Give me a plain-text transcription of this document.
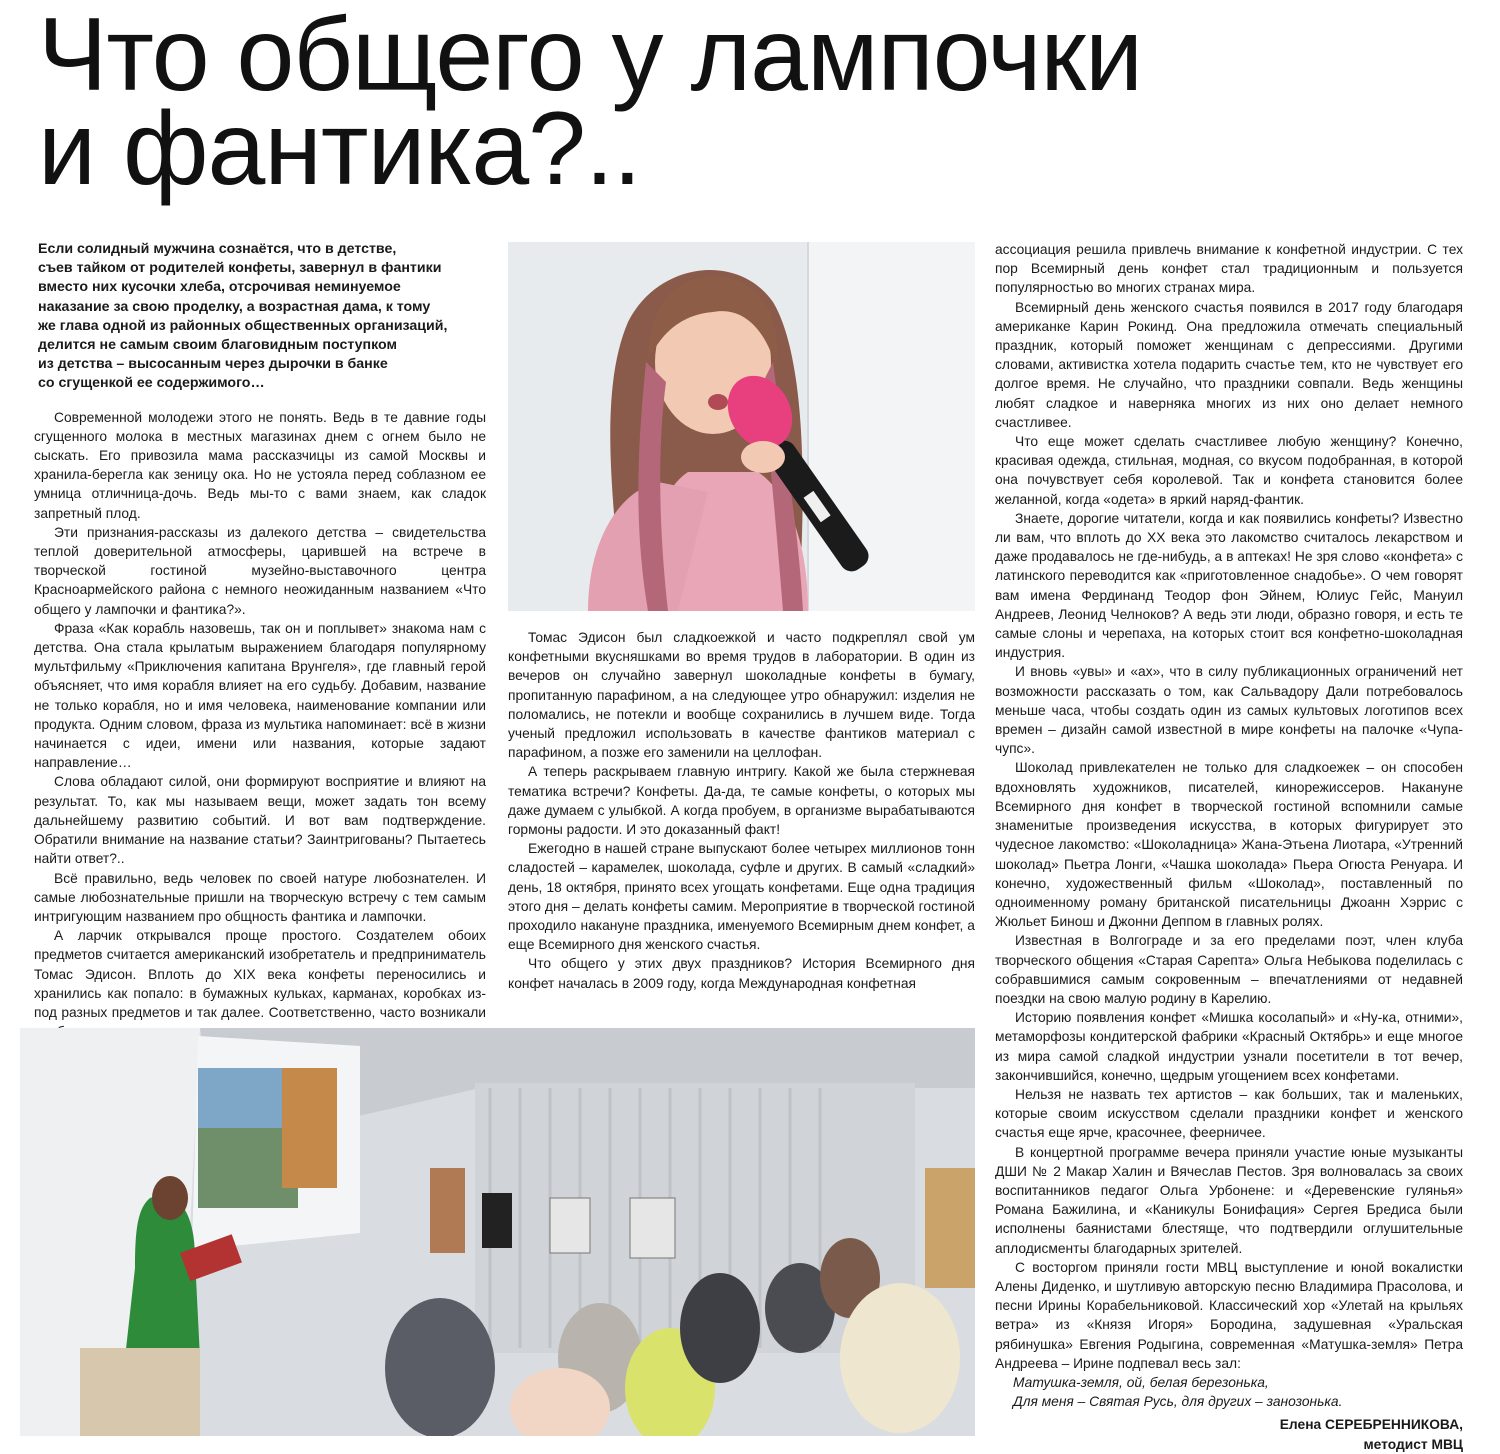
Что общего у лампочки
и фантика?..
Если солидный мужчина сознаётся, что в детстве,
съев тайком от родителей конфеты, завернул в фантики
вместо них кусочки хлеба, отсрочивая неминуемое
наказание за свою проделку, а возрастная дама, к тому
же глава одной из районных общественных организаций,
делится не самым своим благовидным поступком
из детства – высосанным через дырочки в банке
со сгущенкой ее содержимого…

Современной молодежи этого не понять. Ведь в те давние годы сгущенного молока в местных магазинах днем с огнем было не сыскать. Его привозила мама рассказчицы из самой Москвы и хранила-берегла как зеницу ока. Но не устояла перед соблазном ее умница отличница-дочь. Ведь мы-то с вами знаем, как сладок запретный плод.

Эти признания-рассказы из далекого детства – свидетельства теплой доверительной атмосферы, царившей на встрече в творческой гостиной музейно-выставочного центра Красноармейского района с немного неожиданным названием «Что общего у лампочки и фантика?».

Фраза «Как корабль назовешь, так он и поплывет» знакома нам с детства. Она стала крылатым выражением благодаря популярному мультфильму «Приключения капитана Врунгеля», где главный герой объясняет, что имя корабля влияет на его судьбу. Добавим, название не только корабля, но и имя человека, наименование компании или продукта. Одним словом, фраза из мультика напоминает: всё в жизни начинается с идеи, имени или названия, которые задают направление…

Слова обладают силой, они формируют восприятие и влияют на результат. То, как мы называем вещи, может задать тон всему дальнейшему развитию событий. И вот вам подтверждение. Обратили внимание на название статьи? Заинтригованы? Пытаетесь найти ответ?..

Всё правильно, ведь человек по своей натуре любознателен. И самые любознательные пришли на творческую встречу с тем самым интригующим названием про общность фантика и лампочки.

А ларчик открывался проще простого. Создателем обоих предметов считается американский изобретатель и предприниматель Томас Эдисон. Вплоть до XIX века конфеты переносились и хранились как попало: в бумажных кульках, карманах, коробках из-под разных предметов и так далее. Соответственно, часто возникали

Томас Эдисон был сладкоежкой и часто подкреплял свой ум конфетными вкусняшками во время трудов в лаборатории. В один из вечеров он случайно завернул шоколадные конфеты в бумагу, пропитанную парафином, а на следующее утро обнаружил: изделия не поломались, не потекли и вообще сохранились в лучшем виде. Тогда ученый предложил использовать в качестве фантиков материал с парафином, а позже его заменили на целлофан.

А теперь раскрываем главную интригу. Какой же была стержневая тематика встречи? Конфеты. Да-да, те самые конфеты, о которых мы даже думаем с улыбкой. А когда пробуем, в организме вырабатываются гормоны радости. И это доказанный факт!

Ежегодно в нашей стране выпускают более четырех миллионов тонн сладостей – карамелек, шоколада, суфле и других. В самый «сладкий» день, 18 октября, принято всех угощать конфетами. Еще одна традиция этого дня – делать конфеты самим. Мероприятие в творческой гостиной проходило накануне праздника, именуемого Всемирным днем конфет, а еще Всемирного дня женского счастья.

Что общего у этих двух праздников? История Всемирного дня конфет началась в 2009 году, когда Международная конфетная

ассоциация решила привлечь внимание к конфетной индустрии. С тех пор Всемирный день конфет стал традиционным и пользуется популярностью во многих странах мира.

Всемирный день женского счастья появился в 2017 году благодаря американке Карин Рокинд. Она предложила отмечать специальный праздник, который поможет женщинам с депрессиями. Другими словами, активистка хотела подарить счастье тем, кто не чувствует его долгое время. Не случайно, что праздники совпали. Ведь женщины любят сладкое и наверняка многих из них оно делает немного счастливее.

Что еще может сделать счастливее любую женщину? Конечно, красивая одежда, стильная, модная, со вкусом подобранная, в которой она почувствует себя королевой. Так и конфета становится более желанной, когда «одета» в яркий наряд-фантик.

Знаете, дорогие читатели, когда и как появились конфеты? Известно ли вам, что вплоть до XX века это лакомство считалось лекарством и даже продавалось не где-нибудь, а в аптеках! Не зря слово «конфета» с латинского переводится как «приготовленное снадобье». О чем говорят вам имена Фердинанд Теодор фон Эйнем, Юлиус Гейс, Мануил Андреев, Леонид Челноков? А ведь эти люди, образно говоря, и есть те самые слоны и черепаха, на которых стоит вся конфетно-шоколадная индустрия.

И вновь «увы» и «ах», что в силу публикационных ограничений нет возможности рассказать о том, как Сальвадору Дали потребовалось меньше часа, чтобы создать один из самых культовых логотипов всех времен – дизайн самой известной в мире конфеты на палочке «Чупа-чупс».

Шоколад привлекателен не только для сладкоежек – он способен вдохновлять художников, писателей, кинорежиссеров. Накануне Всемирного дня конфет в творческой гостиной вспомнили самые знаменитые произведения искусства, в которых фигурирует это чудесное лакомство: «Шоколадница» Жана-Этьена Лиотара, «Утренний шоколад» Пьетра Лонги, «Чашка шоколада» Пьера Огюста Ренуара. И конечно, художественный фильм «Шоколад», поставленный по одноименному роману британской писательницы Джоанн Хэррис с Жюльет Бинош и Джонни Деппом в главных ролях.

Известная в Волгограде и за его пределами поэт, член клуба творческого общения «Старая Сарепта» Ольга Небыкова поделилась с собравшимися самым сокровенным – впечатлениями от недавней поездки на свою малую родину в Карелию.

Историю появления конфет «Мишка косолапый» и «Ну-ка, отними», метаморфозы кондитерской фабрики «Красный Октябрь» и еще многое из мира самой сладкой индустрии узнали посетители в тот вечер, закончившийся, конечно, щедрым угощением всех конфетами.

Нельзя не назвать тех артистов – как больших, так и маленьких, которые своим искусством сделали праздники конфет и женского счастья еще ярче, красочнее, феерничее.

В концертной программе вечера приняли участие юные музыканты ДШИ № 2 Макар Халин и Вячеслав Пестов. Зря волновалась за своих воспитанников педагог Ольга Урбонене: и «Деревенские гулянья» Романа Бажилина, и «Каникулы Бонифация» Сергея Бредиса были исполнены баянистами блестяще, что подтвердили оглушительные аплодисменты благодарных зрителей.

С восторгом приняли гости МВЦ выступление и юной вокалистки Алены Диденко, и шутливую авторскую песню Владимира Прасолова, и песни Ирины Корабельниковой. Классический хор «Улетай на крыльях ветра» из «Князя Игоря» Бородина, задушевная «Уральская рябинушка» Евгения Родыгина, современная «Матушка-земля» Петра Андреева – Ирине подпевал весь зал:

Матушка-земля, ой, белая березонька,
Для меня – Святая Русь, для других – занозонька.
Елена СЕРЕБРЕННИКОВА,
методист МВЦ
